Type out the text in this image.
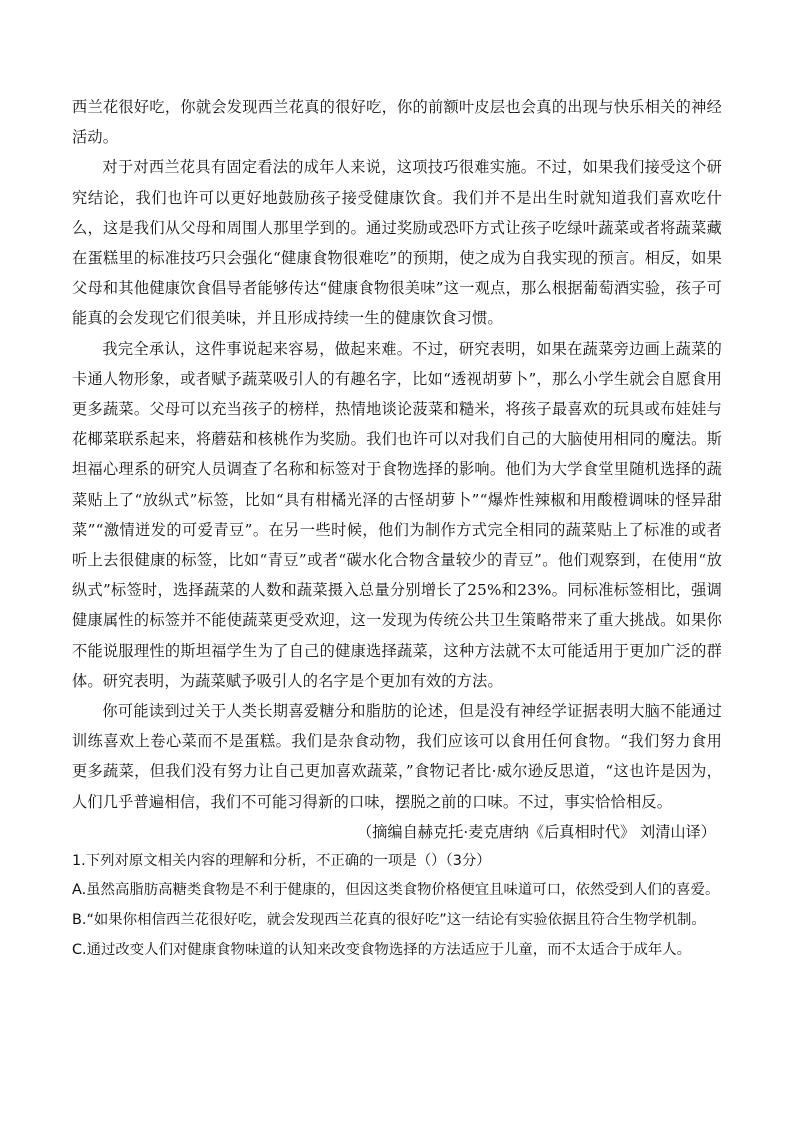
西兰花很好吃，你就会发现西兰花真的很好吃，你的前额叶皮层也会真的出现与快乐相关的神经活动。

对于对西兰花具有固定看法的成年人来说，这项技巧很难实施。不过，如果我们接受这个研究结论，我们也许可以更好地鼓励孩子接受健康饮食。我们并不是出生时就知道我们喜欢吃什么，这是我们从父母和周围人那里学到的。通过奖励或恐吓方式让孩子吃绿叶蔬菜或者将蔬菜藏在蛋糕里的标准技巧只会强化“健康食物很难吃”的预期，使之成为自我实现的预言。相反，如果父母和其他健康饮食倡导者能够传达“健康食物很美味”这一观点，那么根据葡萄酒实验，孩子可能真的会发现它们很美味，并且形成持续一生的健康饮食习惯。

我完全承认，这件事说起来容易，做起来难。不过，研究表明，如果在蔬菜旁边画上蔬菜的卡通人物形象，或者赋予蔬菜吸引人的有趣名字，比如“透视胡萝卜”，那么小学生就会自愿食用更多蔬菜。父母可以充当孩子的榜样，热情地谈论菠菜和糙米，将孩子最喜欢的玩具或布娃娃与花椰菜联系起来，将蘑菇和核桃作为奖励。我们也许可以对我们自己的大脑使用相同的魔法。斯坦福心理系的研究人员调查了名称和标签对于食物选择的影响。他们为大学食堂里随机选择的蔬菜贴上了“放纵式”标签，比如“具有柑橘光泽的古怪胡萝卜”“爆炸性辣椒和用酸橙调味的怪异甜菜”“激情迸发的可爱青豆”。在另一些时候，他们为制作方式完全相同的蔬菜贴上了标准的或者听上去很健康的标签，比如“青豆”或者“碳水化合物含量较少的青豆”。他们观察到，在使用“放纵式”标签时，选择蔬菜的人数和蔬菜摄入总量分别增长了25%和23%。同标准标签相比，强调健康属性的标签并不能使蔬菜更受欢迎，这一发现为传统公共卫生策略带来了重大挑战。如果你不能说服理性的斯坦福学生为了自己的健康选择蔬菜，这种方法就不太可能适用于更加广泛的群体。研究表明，为蔬菜赋予吸引人的名字是个更加有效的方法。

你可能读到过关于人类长期喜爱糖分和脂肪的论述，但是没有神经学证据表明大脑不能通过训练喜欢上卷心菜而不是蛋糕。我们是杂食动物，我们应该可以食用任何食物。“我们努力食用更多蔬菜，但我们没有努力让自己更加喜欢蔬菜，”食物记者比·威尔逊反思道，“这也许是因为，人们几乎普遍相信，我们不可能习得新的口味，摆脱之前的口味。不过，事实恰恰相反。

（摘编自赫克托·麦克唐纳《后真相时代》 刘清山译）

1.下列对原文相关内容的理解和分析，不正确的一项是（）（3分）

A.虽然高脂肪高糖类食物是不利于健康的，但因这类食物价格便宜且味道可口，依然受到人们的喜爱。

B.“如果你相信西兰花很好吃，就会发现西兰花真的很好吃”这一结论有实验依据且符合生物学机制。

C.通过改变人们对健康食物味道的认知来改变食物选择的方法适应于儿童，而不太适合于成年人。
